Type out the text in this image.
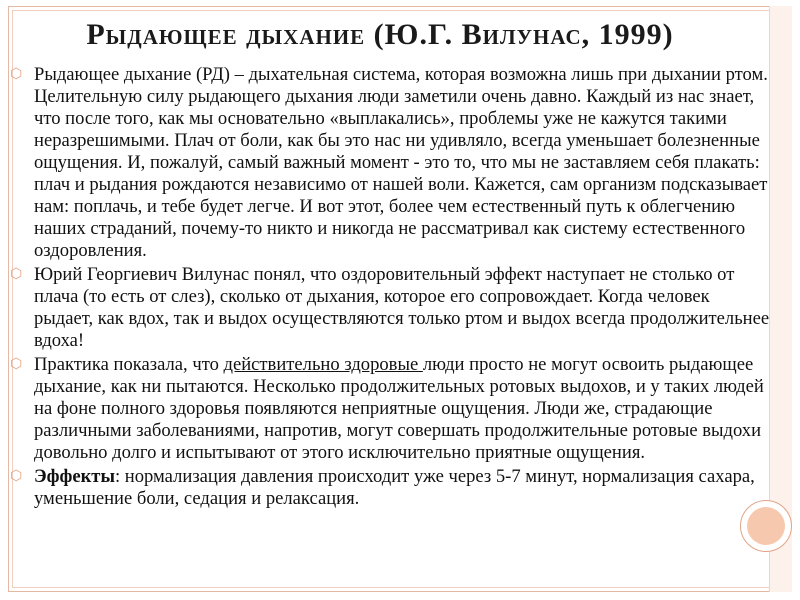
Рыдающее дыхание (Ю.Г. Вилунас, 1999)

⬡ Рыдающее дыхание (РД) – дыхательная система, которая возможна лишь при дыхании ртом. Целительную силу рыдающего дыхания люди заметили очень давно. Каждый из нас знает, что после того, как мы основательно «выплакались», проблемы уже не кажутся такими неразрешимыми. Плач от боли, как бы это нас ни удивляло, всегда уменьшает болезненные ощущения. И, пожалуй, самый важный момент - это то, что мы не заставляем себя плакать: плач и рыдания рождаются независимо от нашей воли. Кажется, сам организм подсказывает нам: поплачь, и тебе будет легче. И вот этот, более чем естественный путь к облегчению наших страданий, почему-то никто и никогда не рассматривал как систему естественного оздоровления.

⬡ Юрий Георгиевич Вилунас понял, что оздоровительный эффект наступает не столько от плача (то есть от слез), сколько от дыхания, которое его сопровождает. Когда человек рыдает, как вдох, так и выдох осуществляются только ртом и выдох всегда продолжительнее вдоха!

⬡ Практика показала, что действительно здоровые люди просто не могут освоить рыдающее дыхание, как ни пытаются. Несколько продолжительных ротовых выдохов, и у таких людей на фоне полного здоровья появляются неприятные ощущения. Люди же, страдающие различными заболеваниями, напротив, могут совершать продолжительные ротовые выдохи довольно долго и испытывают от этого исключительно приятные ощущения.

⬡ Эффекты: нормализация давления происходит уже через 5-7 минут, нормализация сахара, уменьшение боли, седация и релаксация.
